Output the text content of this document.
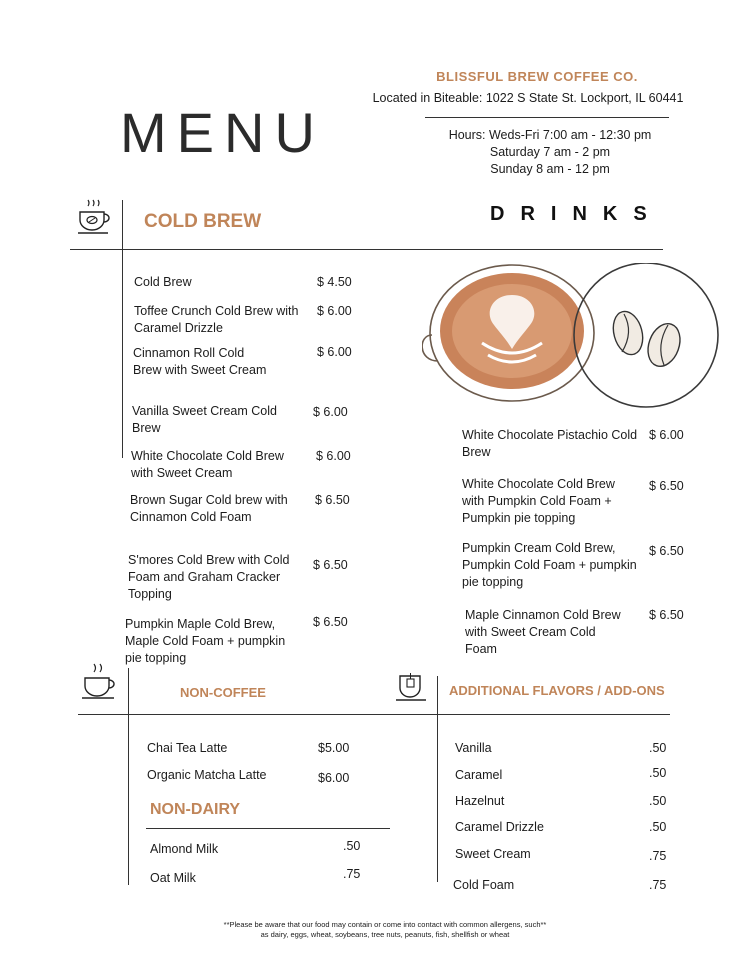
MENU
BLISSFUL BREW COFFEE CO.
Located in Biteable: 1022 S State St. Lockport, IL 60441
Hours: Weds-Fri 7:00 am - 12:30 pm
Saturday 7 am - 2 pm
Sunday 8 am - 12 pm
DRINKS
COLD BREW
Cold Brew	$ 4.50
Toffee Crunch Cold Brew with Caramel Drizzle
$ 6.00
Cinnamon Roll Cold Brew with Sweet Cream
$ 6.00
Vanilla Sweet Cream Cold Brew
$ 6.00
White Chocolate Cold Brew with Sweet Cream
$ 6.00
Brown Sugar Cold brew with Cinnamon Cold Foam
$ 6.50
S'mores Cold Brew with Cold Foam and Graham Cracker Topping
$ 6.50
Pumpkin Maple Cold Brew, Maple Cold Foam + pumpkin pie topping
$ 6.50
White Chocolate Pistachio Cold Brew
$ 6.00
White Chocolate Cold Brew with Pumpkin Cold Foam + Pumpkin pie topping
$ 6.50
Pumpkin Cream Cold Brew, Pumpkin Cold Foam + pumpkin pie topping
$ 6.50
Maple Cinnamon Cold Brew with Sweet Cream Cold Foam
$ 6.50
NON-COFFEE
Chai Tea Latte	$5.00
Organic Matcha Latte	$6.00
NON-DAIRY
Almond Milk	.50
Oat Milk	.75
ADDITIONAL FLAVORS / ADD-ONS
Vanilla	.50
Caramel	.50
Hazelnut	.50
Caramel Drizzle	.50
Sweet Cream	.75
Cold Foam	.75
**Please be aware that our food may contain or come into contact with common allergens, such**
as dairy, eggs, wheat, soybeans, tree nuts, peanuts, fish, shellfish or wheat
